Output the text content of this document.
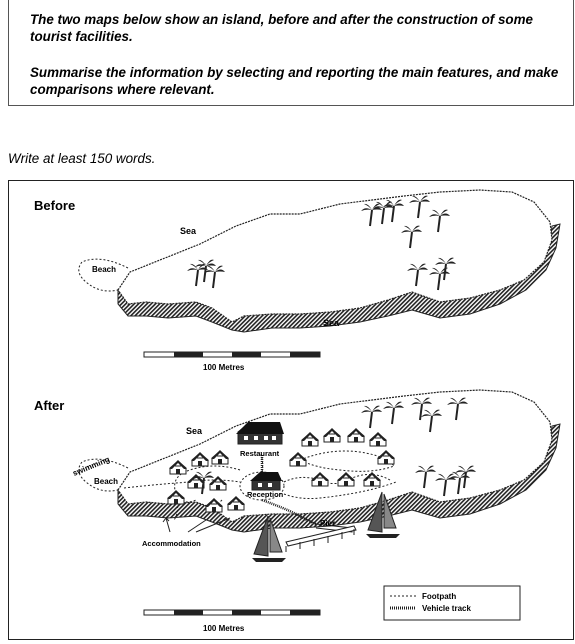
The two maps below show an island, before and after the construction of some tourist facilities.

Summarise the information by selecting and reporting the main features, and make comparisons where relevant.

Write at least 150 words.
Before
Beach
Sea
Sea
100 Metres
After
Beach
swimming
Sea
Restaurant
Reception
Accommodation
Pier
Footpath
Vehicle track
100 Metres
